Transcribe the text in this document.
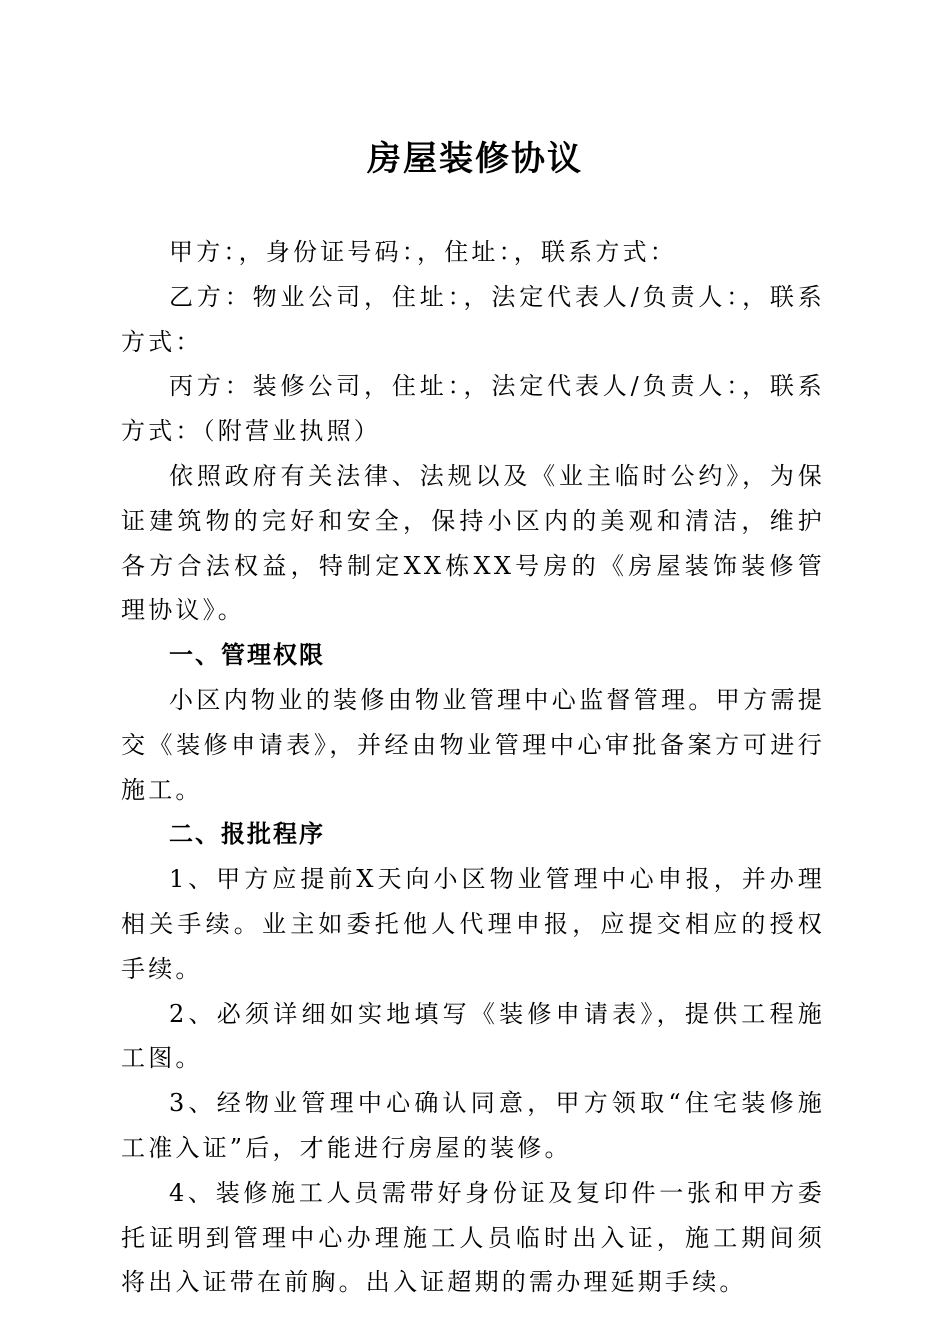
房屋装修协议

甲方：，身份证号码：，住址：，联系方式：

乙方：物业公司，住址：，法定代表人/负责人：，联系方式：

丙方：装修公司，住址：，法定代表人/负责人：，联系方式：（附营业执照）

依照政府有关法律、法规以及《业主临时公约》，为保证建筑物的完好和安全，保持小区内的美观和清洁，维护各方合法权益，特制定XX栋XX号房的《房屋装饰装修管理协议》。

一、管理权限

小区内物业的装修由物业管理中心监督管理。甲方需提交《装修申请表》，并经由物业管理中心审批备案方可进行施工。

二、报批程序

1、甲方应提前X天向小区物业管理中心申报，并办理相关手续。业主如委托他人代理申报，应提交相应的授权手续。

2、必须详细如实地填写《装修申请表》，提供工程施工图。

3、经物业管理中心确认同意，甲方领取“住宅装修施工准入证”后，才能进行房屋的装修。

4、装修施工人员需带好身份证及复印件一张和甲方委托证明到管理中心办理施工人员临时出入证，施工期间须将出入证带在前胸。出入证超期的需办理延期手续。
